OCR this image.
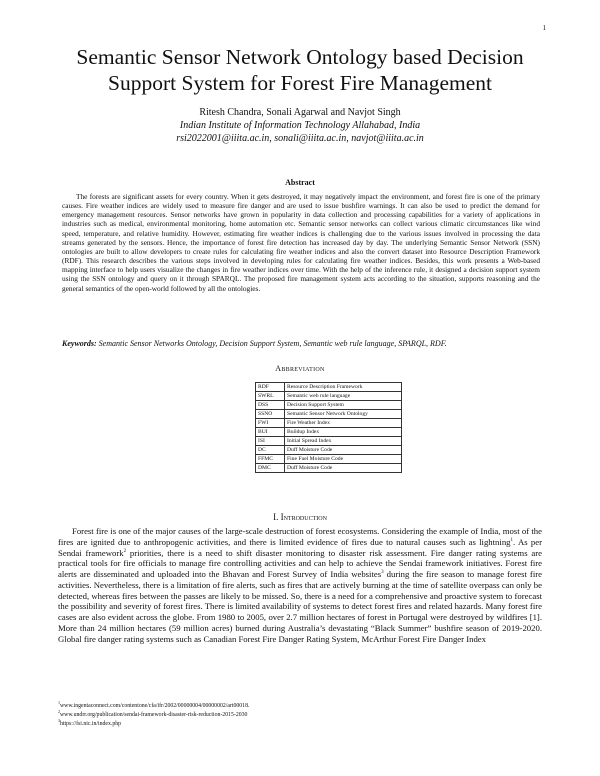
1
Semantic Sensor Network Ontology based Decision Support System for Forest Fire Management
Ritesh Chandra, Sonali Agarwal and Navjot Singh
Indian Institute of Information Technology Allahabad, India
rsi2022001@iiita.ac.in, sonali@iiita.ac.in, navjot@iiita.ac.in
Abstract

The forests are significant assets for every country. When it gets destroyed, it may negatively impact the environment, and forest fire is one of the primary causes. Fire weather indices are widely used to measure fire danger and are used to issue bushfire warnings. It can also be used to predict the demand for emergency management resources. Sensor networks have grown in popularity in data collection and processing capabilities for a variety of applications in industries such as medical, environmental monitoring, home automation etc. Semantic sensor networks can collect various climatic circumstances like wind speed, temperature, and relative humidity. However, estimating fire weather indices is challenging due to the various issues involved in processing the data streams generated by the sensors. Hence, the importance of forest fire detection has increased day by day. The underlying Semantic Sensor Network (SSN) ontologies are built to allow developers to create rules for calculating fire weather indices and also the convert dataset into Resource Description Framework (RDF). This research describes the various steps involved in developing rules for calculating fire weather indices. Besides, this work presents a Web-based mapping interface to help users visualize the changes in fire weather indices over time. With the help of the inference rule, it designed a decision support system using the SSN ontology and query on it through SPARQL. The proposed fire management system acts according to the situation, supports reasoning and the general semantics of the open-world followed by all the ontologies.

Keywords: Semantic Sensor Networks Ontology, Decision Support System, Semantic web rule language, SPARQL, RDF.
Abbreviation
RDF	Resource Description Framework
SWRL	Semantic web rule language
DSS	Decision Support System
SSNO	Semantic Sensor Network Ontology
FWI	Fire Weather Index
BUI	Buildup Index
ISI	Initial Spread Index
DC	Duff Moisture Code
FFMC	Fine Fuel Moisture Code
DMC	Duff Moisture Code
I. Introduction

Forest fire is one of the major causes of the large-scale destruction of forest ecosystems. Considering the example of India, most of the fires are ignited due to anthropogenic activities, and there is limited evidence of fires due to natural causes such as lightning$^1$. As per Sendai framework$^2$ priorities, there is a need to shift disaster monitoring to disaster risk assessment. Fire danger rating systems are practical tools for fire officials to manage fire controlling activities and can help to achieve the Sendai framework initiatives. Forest fire alerts are disseminated and uploaded into the Bhavan and Forest Survey of India websites$^3$ during the fire season to manage forest fire activities. Nevertheless, there is a limitation of fire alerts, such as fires that are actively burning at the time of satellite overpass can only be detected, whereas fires between the passes are likely to be missed. So, there is a need for a comprehensive and proactive system to forecast the possibility and severity of forest fires. There is limited availability of systems to detect forest fires and related hazards. Many forest fire cases are also evident across the globe. From 1980 to 2005, over 2.7 million hectares of forest in Portugal were destroyed by wildfires [1]. More than 24 million hectares (59 million acres) burned during Australia’s devastating “Black Summer” bushfire season of 2019-2020. Global fire danger rating systems such as Canadian Forest Fire Danger Rating System, McArthur Forest Fire Danger Index

$^1$www.ingentaconnect.com/contentone/cfa/ifr/2002/00000004/00000002/art00018.
$^2$www.undrr.org/publication/sendai-framework-disaster-risk-reduction-2015-2030
$^3$https://fsi.nic.in/index.php
